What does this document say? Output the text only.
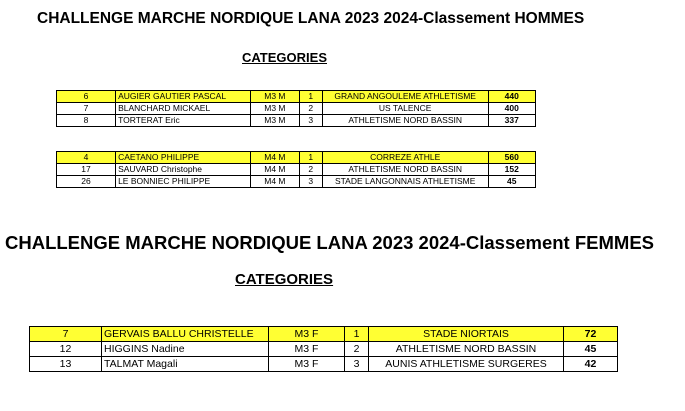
CHALLENGE MARCHE NORDIQUE LANA 2023 2024-Classement HOMMES
CATEGORIES
6	AUGIER GAUTIER PASCAL	M3 M	1	GRAND ANGOULEME ATHLETISME	440
7	BLANCHARD MICKAEL	M3 M	2	US TALENCE	400
8	TORTERAT Eric	M3 M	3	ATHLETISME NORD BASSIN	337
4	CAETANO PHILIPPE	M4 M	1	CORREZE ATHLE	560
17	SAUVARD Christophe	M4 M	2	ATHLETISME NORD BASSIN	152
26	LE BONNIEC PHILIPPE	M4 M	3	STADE LANGONNAIS ATHLETISME	45
CHALLENGE MARCHE NORDIQUE LANA 2023 2024-Classement FEMMES
CATEGORIES
7	GERVAIS BALLU CHRISTELLE	M3 F	1	STADE NIORTAIS	72
12	HIGGINS Nadine	M3 F	2	ATHLETISME NORD BASSIN	45
13	TALMAT Magali	M3 F	3	AUNIS ATHLETISME SURGERES	42
